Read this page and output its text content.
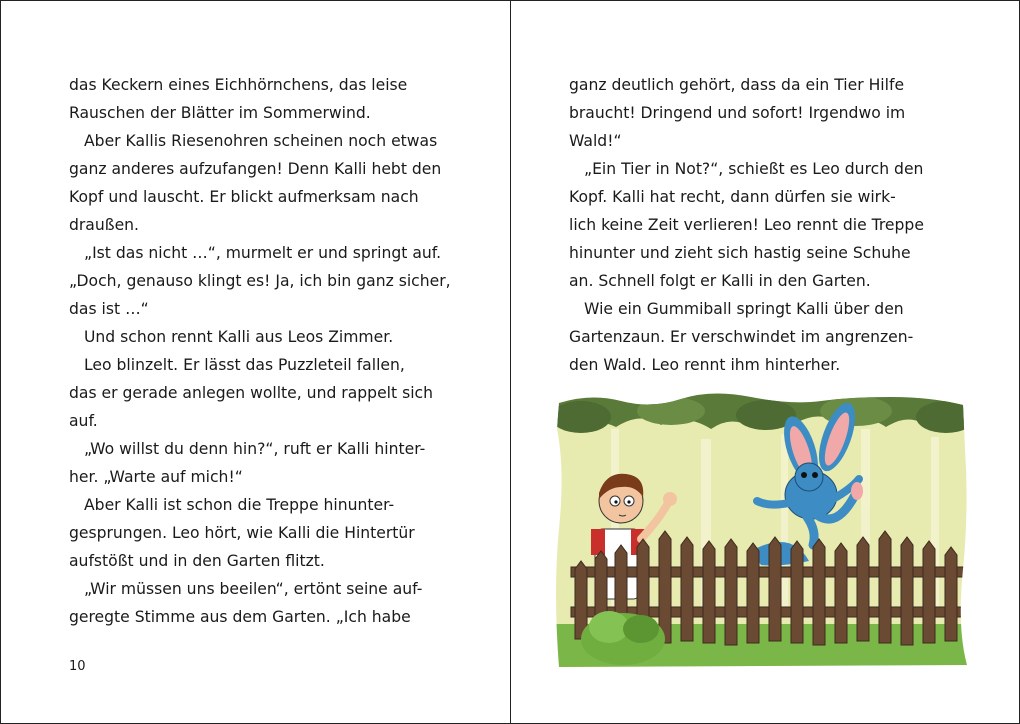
das Keckern eines Eichhörnchens, das leise
Rauschen der Blätter im Sommerwind.
Aber Kallis Riesenohren scheinen noch etwas
ganz anderes aufzufangen! Denn Kalli hebt den
Kopf und lauscht. Er blickt aufmerksam nach
draußen.
„Ist das nicht …“, murmelt er und springt auf.
„Doch, genauso klingt es! Ja, ich bin ganz sicher,
das ist …“
Und schon rennt Kalli aus Leos Zimmer.
Leo blinzelt. Er lässt das Puzzleteil fallen,
das er gerade anlegen wollte, und rappelt sich
auf.
„Wo willst du denn hin?“, ruft er Kalli hinter-
her. „Warte auf mich!“
Aber Kalli ist schon die Treppe hinunter-
gesprungen. Leo hört, wie Kalli die Hintertür
aufstößt und in den Garten flitzt.
„Wir müssen uns beeilen“, ertönt seine auf-
geregte Stimme aus dem Garten. „Ich habe
10
ganz deutlich gehört, dass da ein Tier Hilfe
braucht! Dringend und sofort! Irgendwo im
Wald!“
„Ein Tier in Not?“, schießt es Leo durch den
Kopf. Kalli hat recht, dann dürfen sie wirk-
lich keine Zeit verlieren! Leo rennt die Treppe
hinunter und zieht sich hastig seine Schuhe
an. Schnell folgt er Kalli in den Garten.
Wie ein Gummiball springt Kalli über den
Gartenzaun. Er verschwindet im angrenzen-
den Wald. Leo rennt ihm hinterher.
